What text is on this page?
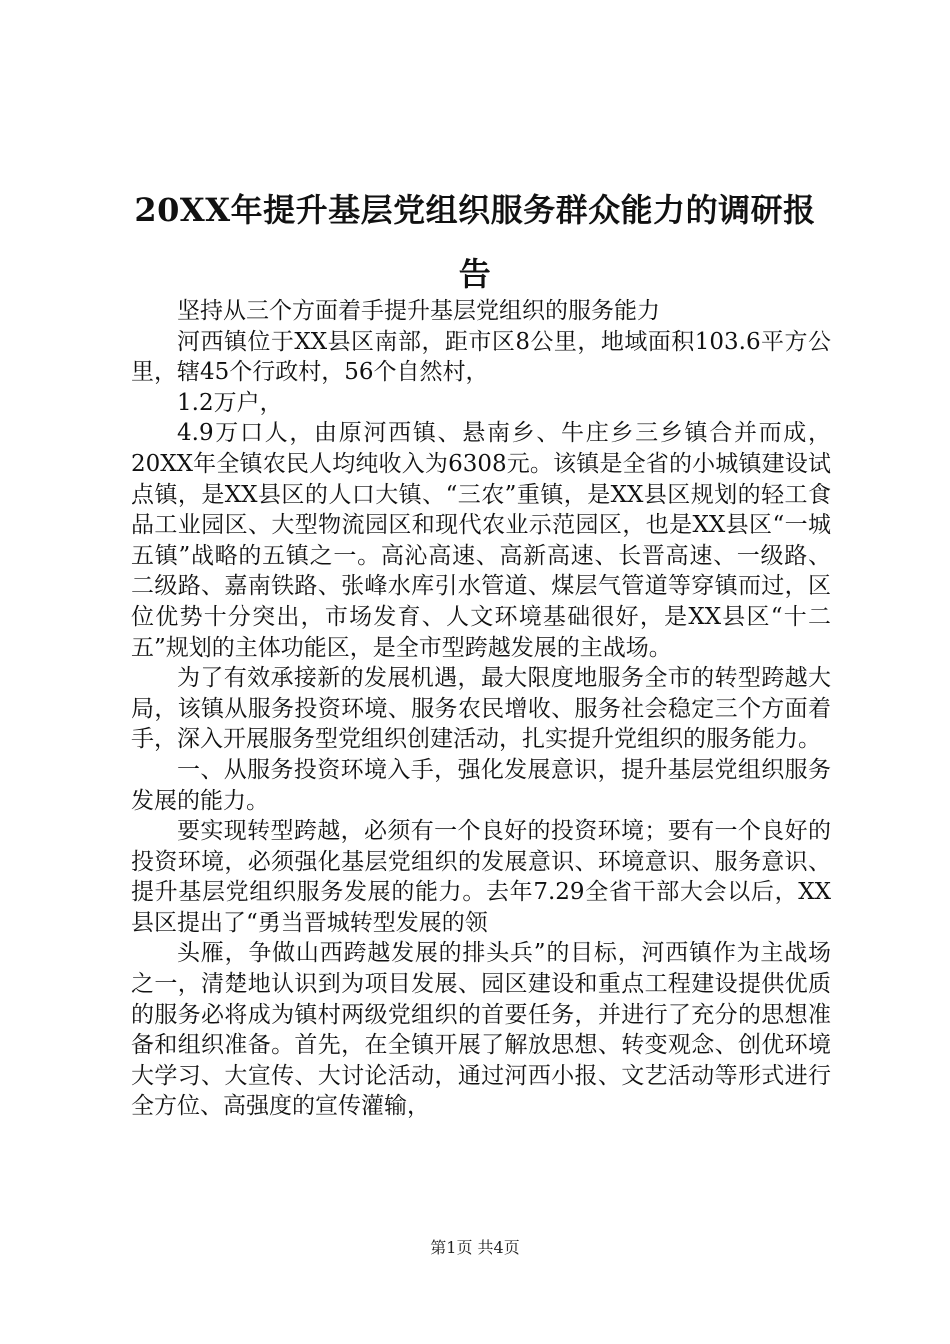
20XX年提升基层党组织服务群众能力的调研报告

坚持从三个方面着手提升基层党组织的服务能力

河西镇位于XX县区南部，距市区8公里，地域面积103.6平方公里，辖45个行政村，56个自然村，

1.2万户，

4.9万口人，由原河西镇、悬南乡、牛庄乡三乡镇合并而成，20XX年全镇农民人均纯收入为6308元。该镇是全省的小城镇建设试点镇，是XX县区的人口大镇、“三农”重镇，是XX县区规划的轻工食品工业园区、大型物流园区和现代农业示范园区，也是XX县区“一城五镇”战略的五镇之一。高沁高速、高新高速、长晋高速、一级路、二级路、嘉南铁路、张峰水库引水管道、煤层气管道等穿镇而过，区位优势十分突出，市场发育、人文环境基础很好，是XX县区“十二五”规划的主体功能区，是全市型跨越发展的主战场。

为了有效承接新的发展机遇，最大限度地服务全市的转型跨越大局，该镇从服务投资环境、服务农民增收、服务社会稳定三个方面着手，深入开展服务型党组织创建活动，扎实提升党组织的服务能力。

一、从服务投资环境入手，强化发展意识，提升基层党组织服务发展的能力。

要实现转型跨越，必须有一个良好的投资环境；要有一个良好的投资环境，必须强化基层党组织的发展意识、环境意识、服务意识、提升基层党组织服务发展的能力。去年7.29全省干部大会以后，XX县区提出了“勇当晋城转型发展的领

头雁，争做山西跨越发展的排头兵”的目标，河西镇作为主战场之一，清楚地认识到为项目发展、园区建设和重点工程建设提供优质的服务必将成为镇村两级党组织的首要任务，并进行了充分的思想准备和组织准备。首先，在全镇开展了解放思想、转变观念、创优环境大学习、大宣传、大讨论活动，通过河西小报、文艺活动等形式进行全方位、高强度的宣传灌输，

第1页 共4页
